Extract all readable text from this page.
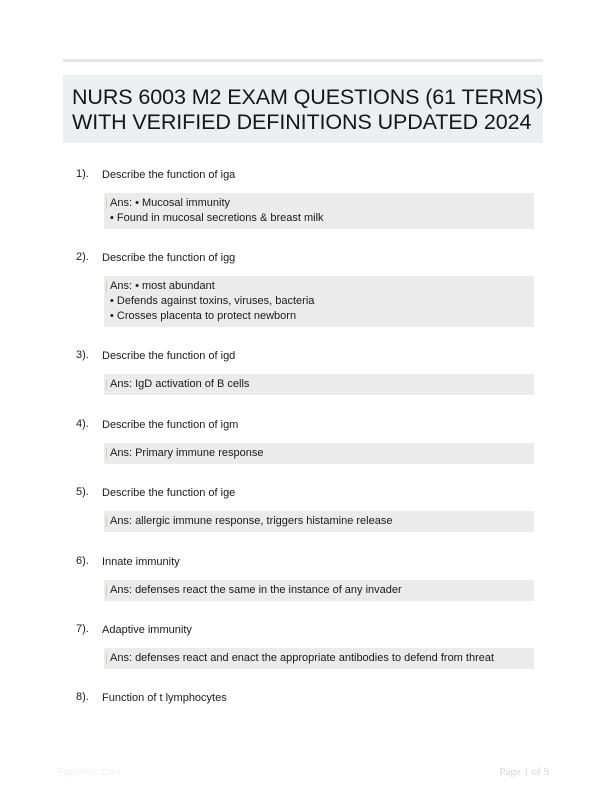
NURS 6003 M2 EXAM QUESTIONS (61 TERMS)
WITH VERIFIED DEFINITIONS UPDATED 2024
1). Describe the function of iga
Ans: • Mucosal immunity
• Found in mucosal secretions & breast milk
2). Describe the function of igg
Ans: • most abundant
• Defends against toxins, viruses, bacteria
• Crosses placenta to protect newborn
3). Describe the function of igd
Ans: IgD activation of B cells
4). Describe the function of igm
Ans: Primary immune response
5). Describe the function of ige
Ans: allergic immune response, triggers histamine release
6). Innate immunity
Ans: defenses react the same in the instance of any invader
7). Adaptive immunity
Ans: defenses react and enact the appropriate antibodies to defend from threat
8). Function of t lymphocytes
Paperlitic.com	Page 1 of 9
